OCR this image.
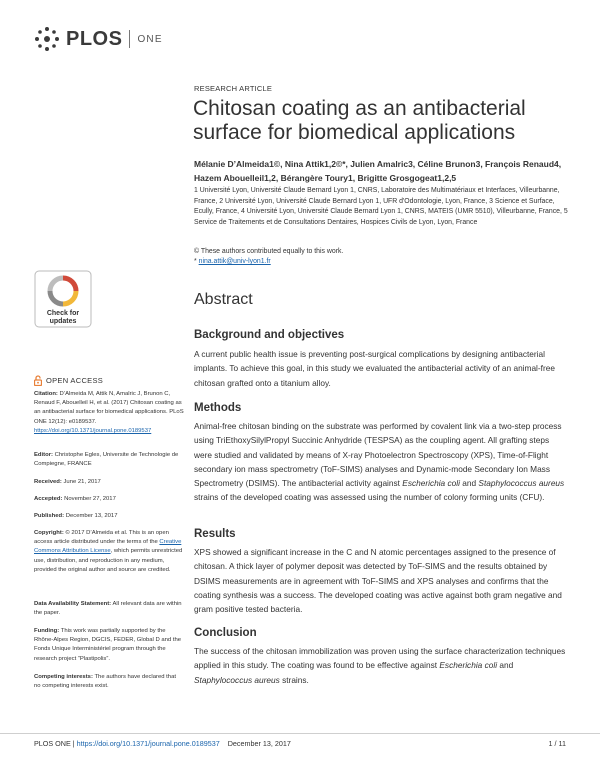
PLOS ONE
RESEARCH ARTICLE
Chitosan coating as an antibacterial surface for biomedical applications
Mélanie D’Almeida1©, Nina Attik1,2©*, Julien Amalric3, Céline Brunon3, François Renaud4,
Hazem Abouelleil1,2, Bérangère Toury1, Brigitte Grosgogeat1,2,5
1 Université Lyon, Université Claude Bernard Lyon 1, CNRS, Laboratoire des Multimatériaux et Interfaces, Villeurbanne, France, 2 Université Lyon, Université Claude Bernard Lyon 1, UFR d'Odontologie, Lyon, France, 3 Science et Surface, Ecully, France, 4 Université Lyon, Université Claude Bernard Lyon 1, CNRS, MATEIS (UMR 5510), Villeurbanne, France, 5 Service de Traitements et de Consultations Dentaires, Hospices Civils de Lyon, Lyon, France
© These authors contributed equally to this work.
* nina.attik@univ-lyon1.fr
Check for
updates
Abstract
Background and objectives
A current public health issue is preventing post-surgical complications by designing antibacterial implants. To achieve this goal, in this study we evaluated the antibacterial activity of an animal-free chitosan grafted onto a titanium alloy.
Methods
Animal-free chitosan binding on the substrate was performed by covalent link via a two-step process using TriEthoxySilylPropyl Succinic Anhydride (TESPSA) as the coupling agent. All grafting steps were studied and validated by means of X-ray Photoelectron Spectroscopy (XPS), Time-of-Flight secondary ion mass spectrometry (ToF-SIMS) analyses and Dynamic-mode Secondary Ion Mass Spectrometry (DSIMS). The antibacterial activity against Escherichia coli and Staphylococcus aureus strains of the developed coating was assessed using the number of colony forming units (CFU).
Results
XPS showed a significant increase in the C and N atomic percentages assigned to the presence of chitosan. A thick layer of polymer deposit was detected by ToF-SIMS and the results obtained by DSIMS measurements are in agreement with ToF-SIMS and XPS analyses and confirms that the coating synthesis was a success. The developed coating was active against both gram negative and gram positive tested bacteria.
Conclusion
The success of the chitosan immobilization was proven using the surface characterization techniques applied in this study. The coating was found to be effective against Escherichia coli and Staphylococcus aureus strains.
OPEN ACCESS
Citation: D’Almeida M, Attik N, Amalric J, Brunon C, Renaud F, Abouelleil H, et al. (2017) Chitosan coating as an antibacterial surface for biomedical applications. PLoS ONE 12(12): e0189537. https://doi.org/10.1371/journal.pone.0189537
Editor: Christophe Egles, Universite de Technologie de Compiegne, FRANCE
Received: June 21, 2017
Accepted: November 27, 2017
Published: December 13, 2017
Copyright: © 2017 D’Almeida et al. This is an open access article distributed under the terms of the Creative Commons Attribution License, which permits unrestricted use, distribution, and reproduction in any medium, provided the original author and source are credited.
Data Availability Statement: All relevant data are within the paper.
Funding: This work was partially supported by the Rhône-Alpes Region, DGCIS, FEDER, Global D and the Fonds Unique Interministériel program through the research project “Plastipolis”.
Competing interests: The authors have declared that no competing interests exist.
PLOS ONE | https://doi.org/10.1371/journal.pone.0189537 December 13, 2017	1 / 11
